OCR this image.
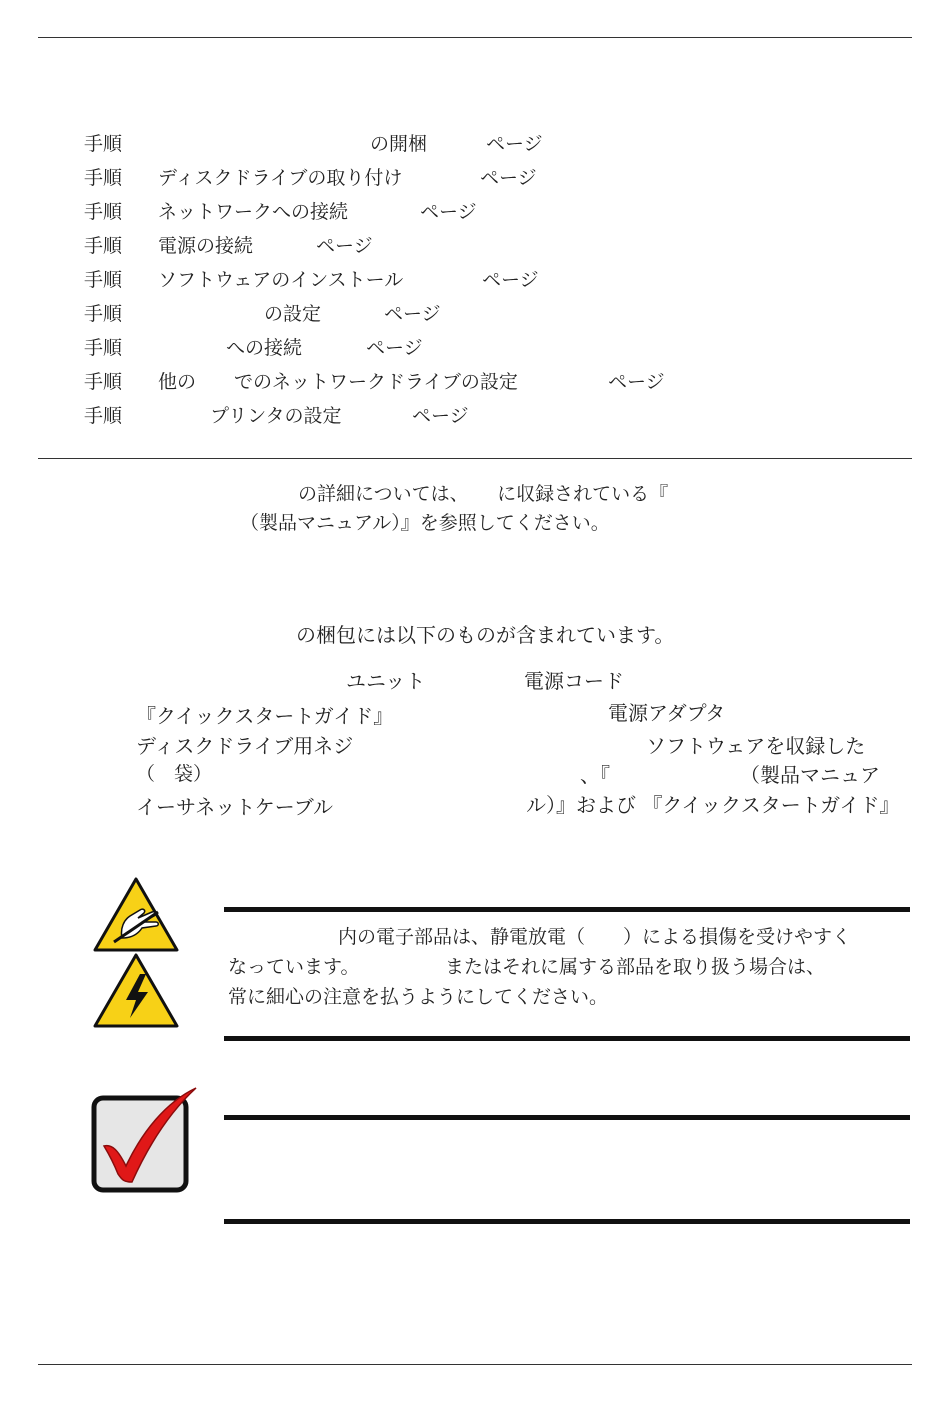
手順	の開梱	ページ
手順 ディスクドライブの取り付け	ページ
手順 ネットワークへの接続	ページ
手順 電源の接続	ページ
手順 ソフトウェアのインストール	ページ
手順	の設定	ページ
手順	への接続	ページ
手順 他の　　でのネットワークドライブの設定	ページ
手順	プリンタの設定	ページ
の詳細については、　　に収録されている『
（製品マニュアル）』を参照してください。
の梱包には以下のものが含まれています。
ユニット
『クイックスタートガイド』
ディスクドライブ用ネジ
（　袋）
イーサネットケーブル
電源コード
電源アダプタ
ソフトウェアを収録した
、『　　　　　　　（製品マニュア
ル）』および 『クイックスタートガイド』
内の電子部品は、静電放電（　　）による損傷を受けやすく
なっています。　　　　　またはそれに属する部品を取り扱う場合は、
常に細心の注意を払うようにしてください。
